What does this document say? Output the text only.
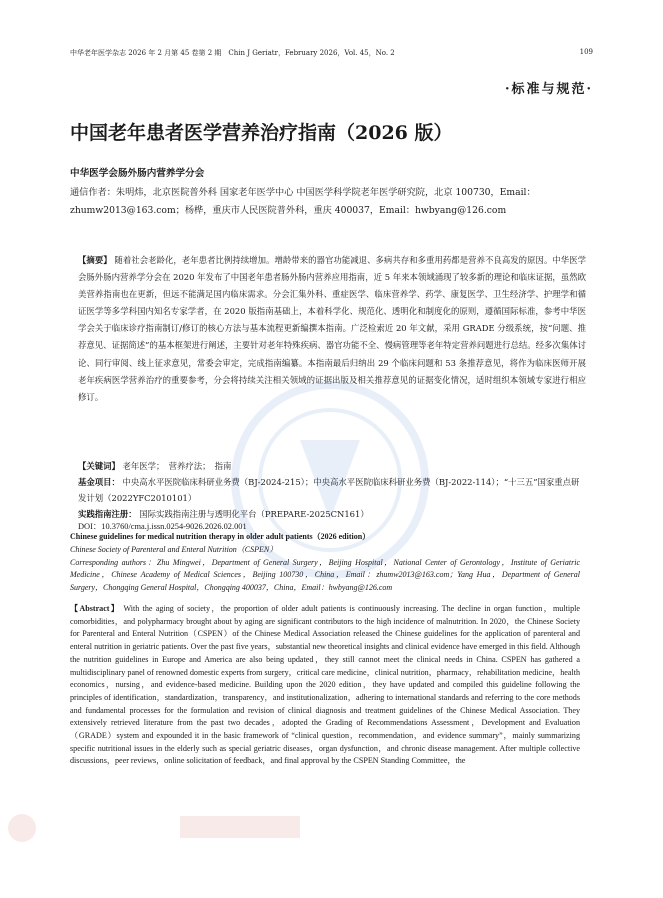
中华老年医学杂志 2026 年 2 月第 45 卷第 2 期　Chin J Geriatr，February 2026，Vol. 45，No. 2	109
·标准与规范·
中国老年患者医学营养治疗指南（2026 版）
中华医学会肠外肠内营养学分会
通信作者：朱明炜，北京医院普外科 国家老年医学中心 中国医学科学院老年医学研究院，北京 100730，Email：zhumw2013@163.com；杨桦，重庆市人民医院普外科，重庆 400037，Email：hwbyang@126.com
【摘要】 随着社会老龄化，老年患者比例持续增加。增龄带来的器官功能减退、多病共存和多重用药都是营养不良高发的原因。中华医学会肠外肠内营养学分会在 2020 年发布了中国老年患者肠外肠内营养应用指南，近 5 年来本领域涌现了较多新的理论和临床证据，虽然欧美营养指南也在更新，但远不能满足国内临床需求。分会汇集外科、重症医学、临床营养学、药学、康复医学、卫生经济学、护理学和循证医学等多学科国内知名专家学者，在 2020 版指南基础上，本着科学化、规范化、透明化和制度化的原则，遵循国际标准，参考中华医学会关于临床诊疗指南制订/修订的核心方法与基本流程更新编撰本指南。广泛检索近 20 年文献，采用 GRADE 分级系统，按“问题、推荐意见、证据简述”的基本框架进行阐述，主要针对老年特殊疾病、器官功能不全、慢病管理等老年特定营养问题进行总结。经多次集体讨论、同行审阅、线上征求意见，常委会审定，完成指南编纂。本指南最后归纳出 29 个临床问题和 53 条推荐意见，将作为临床医师开展老年疾病医学营养治疗的重要参考，分会将持续关注相关领域的证据出版及相关推荐意见的证据变化情况，适时组织本领域专家进行相应修订。
【关键词】 老年医学；　营养疗法；　指南
基金项目： 中央高水平医院临床科研业务费（BJ-2024-215）；中央高水平医院临床科研业务费（BJ-2022-114）；“十三五”国家重点研发计划（2022YFC2010101）
实践指南注册： 国际实践指南注册与透明化平台（PREPARE-2025CN161）
DOI：10.3760/cma.j.issn.0254-9026.2026.02.001
Chinese guidelines for medical nutrition therapy in older adult patients（2026 edition）
Chinese Society of Parenteral and Enteral Nutrition（CSPEN）
Corresponding authors：Zhu Mingwei，Department of General Surgery，Beijing Hospital，National Center of Gerontology，Institute of Geriatric Medicine，Chinese Academy of Medical Sciences，Beijing 100730，China，Email：zhumw2013@163.com；Yang Hua，Department of General Surgery，Chongqing General Hospital，Chongqing 400037，China，Email：hwbyang@126.com
【Abstract】 With the aging of society，the proportion of older adult patients is continuously increasing. The decline in organ function，multiple comorbidities，and polypharmacy brought about by aging are significant contributors to the high incidence of malnutrition. In 2020，the Chinese Society for Parenteral and Enteral Nutrition（CSPEN）of the Chinese Medical Association released the Chinese guidelines for the application of parenteral and enteral nutrition in geriatric patients. Over the past five years，substantial new theoretical insights and clinical evidence have emerged in this field. Although the nutrition guidelines in Europe and America are also being updated，they still cannot meet the clinical needs in China. CSPEN has gathered a multidisciplinary panel of renowned domestic experts from surgery，critical care medicine，clinical nutrition，pharmacy，rehabilitation medicine，health economics，nursing，and evidence-based medicine. Building upon the 2020 edition，they have updated and compiled this guideline following the principles of identification，standardization，transparency，and institutionalization，adhering to international standards and referring to the core methods and fundamental processes for the formulation and revision of clinical diagnosis and treatment guidelines of the Chinese Medical Association. They extensively retrieved literature from the past two decades，adopted the Grading of Recommendations Assessment，Development and Evaluation（GRADE）system and expounded it in the basic framework of “clinical question，recommendation，and evidence summary”，mainly summarizing specific nutritional issues in the elderly such as special geriatric diseases，organ dysfunction，and chronic disease management. After multiple collective discussions，peer reviews，online solicitation of feedback，and final approval by the CSPEN Standing Committee，the
